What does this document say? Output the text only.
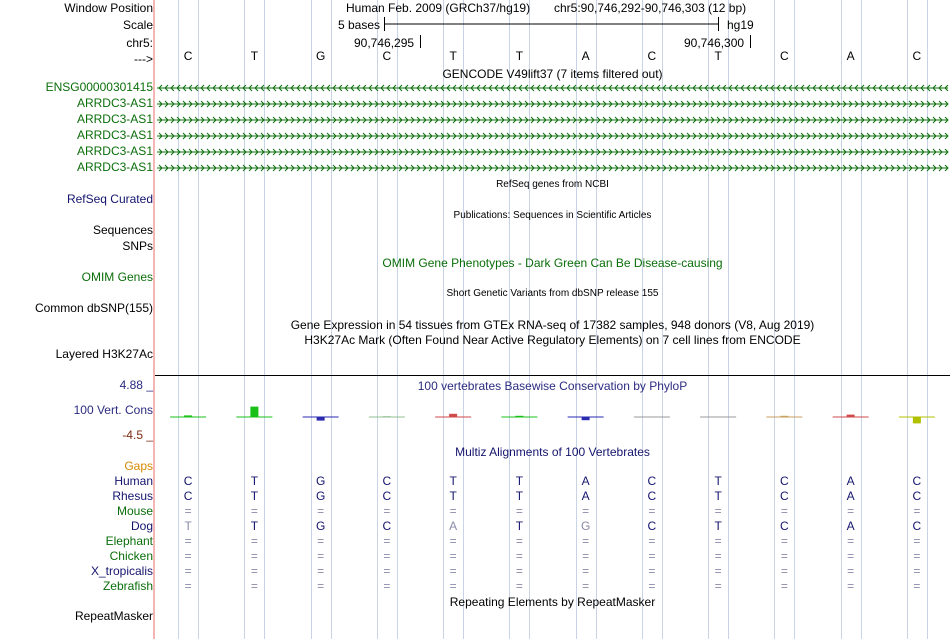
Window Position
Scale
chr5:
--->
Human Feb. 2009 (GRCh37/hg19) chr5:90,746,292-90,746,303 (12 bp)
5 bases	hg19
90,746,295	90,746,300
C	T	G	C	T	T	A	C	T	C	A	C
GENCODE V49lift37 (7 items filtered out)
ENSG00000301415
ARRDC3-AS1
ARRDC3-AS1
ARRDC3-AS1
ARRDC3-AS1
ARRDC3-AS1
RefSeq genes from NCBI
RefSeq Curated
Publications: Sequences in Scientific Articles
Sequences
SNPs
OMIM Gene Phenotypes - Dark Green Can Be Disease-causing
OMIM Genes
Short Genetic Variants from dbSNP release 155
Common dbSNP(155)
Gene Expression in 54 tissues from GTEx RNA-seq of 17382 samples, 948 donors (V8, Aug 2019)
H3K27Ac Mark (Often Found Near Active Regulatory Elements) on 7 cell lines from ENCODE
Layered H3K27Ac
100 vertebrates Basewise Conservation by PhyloP
4.88 _
100 Vert. Cons
-4.5 _
Multiz Alignments of 100 Vertebrates
Gaps
Human	C	T	G	C	T	T	A	C	T	C	A	C
Rhesus	C	T	G	C	T	T	A	C	T	C	A	C
Mouse	=	=	=	=	=	=	=	=	=	=	=	=
Dog	T	T	G	C	A	T	G	C	T	C	A	C
Elephant	=	=	=	=	=	=	=	=	=	=	=	=
Chicken	=	=	=	=	=	=	=	=	=	=	=	=
X_tropicalis	=	=	=	=	=	=	=	=	=	=	=	=
Zebrafish	=	=	=	=	=	=	=	=	=	=	=	=
Repeating Elements by RepeatMasker
RepeatMasker
